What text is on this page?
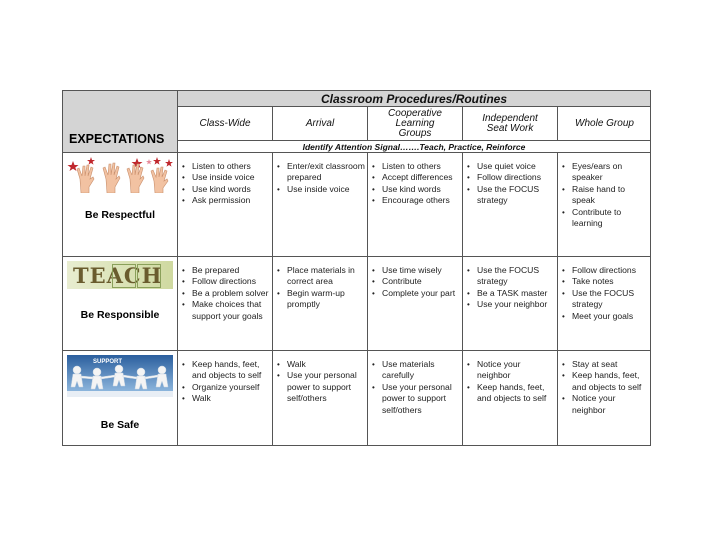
EXPECTATIONS
Classroom Procedures/Routines
Class-Wide	Arrival
Cooperative Learning Groups
Independent Seat Work	Whole Group
Identify Attention Signal…….Teach, Practice, Reinforce
Be Respectful
• Listen to others
• Use inside voice
• Use kind words
• Ask permission
• Enter/exit classroom prepared
• Use inside voice
• Listen to others
• Accept differences
• Use kind words
• Encourage others
• Use quiet voice
• Follow directions
• Use the FOCUS strategy
• Eyes/ears on speaker
• Raise hand to speak
• Contribute to learning
TEACH
Be Responsible
• Be prepared
• Follow directions
• Be a problem solver
• Make choices that support your goals
• Place materials in correct area
• Begin warm-up promptly
• Use time wisely
• Contribute
• Complete your part
• Use the FOCUS strategy
• Be a TASK master
• Use your neighbor
• Follow directions
• Take notes
• Use the FOCUS strategy
• Meet your goals
SUPPORT
Be Safe
• Keep hands, feet, and objects to self
• Organize yourself
• Walk
• Walk
• Use your personal power to support self/others
• Use materials carefully
• Use your personal power to support self/others
• Notice your neighbor
• Keep hands, feet, and objects to self
• Stay at seat
• Keep hands, feet, and objects to self
• Notice your neighbor
